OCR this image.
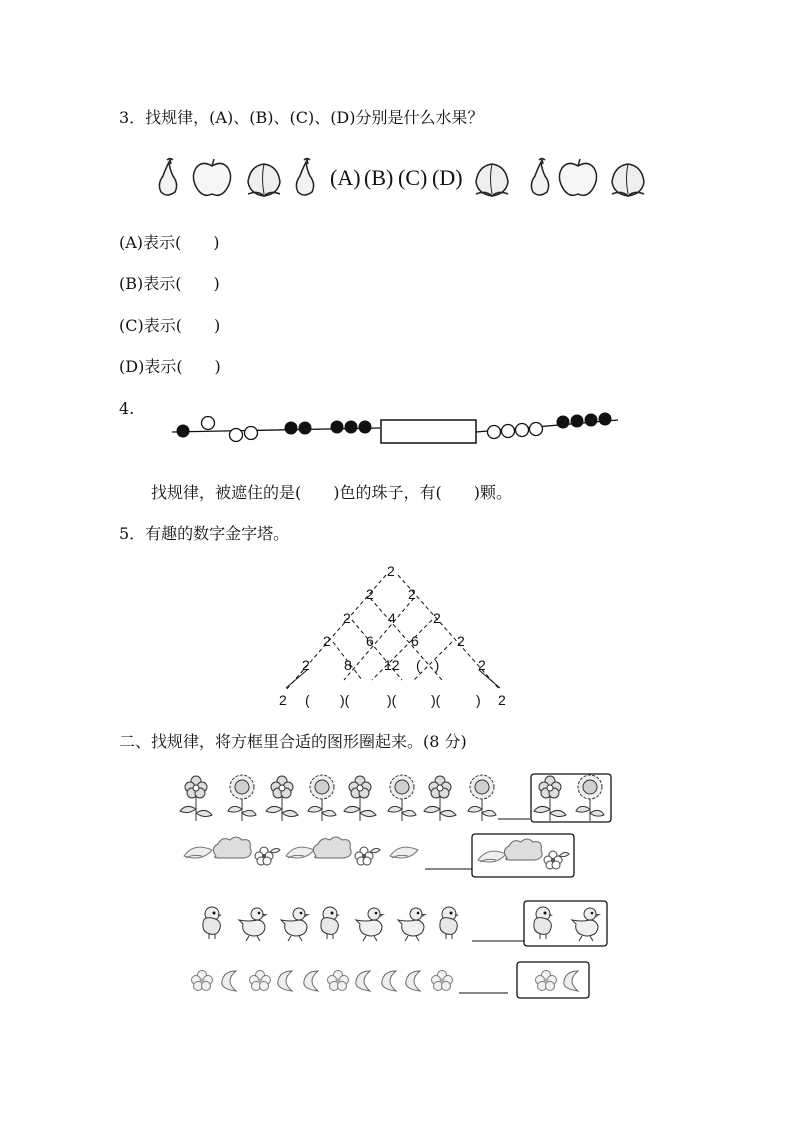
3．找规律，(A)、(B)、(C)、(D)分别是什么水果？
(A) (B) (C) (D)
(A)表示(　　)
(B)表示(　　)
(C)表示(　　)
(D)表示(　　)
4.
找规律，被遮住的是(　　)色的珠子，有(　　)颗。
5．有趣的数字金字塔。
2
2 2
2	4	2
2	6	6	2
2 8 12 (　)	2
2 (　 )(　 )(　 )(　 ) 2
二、找规律，将方框里合适的图形圈起来。(8 分)
